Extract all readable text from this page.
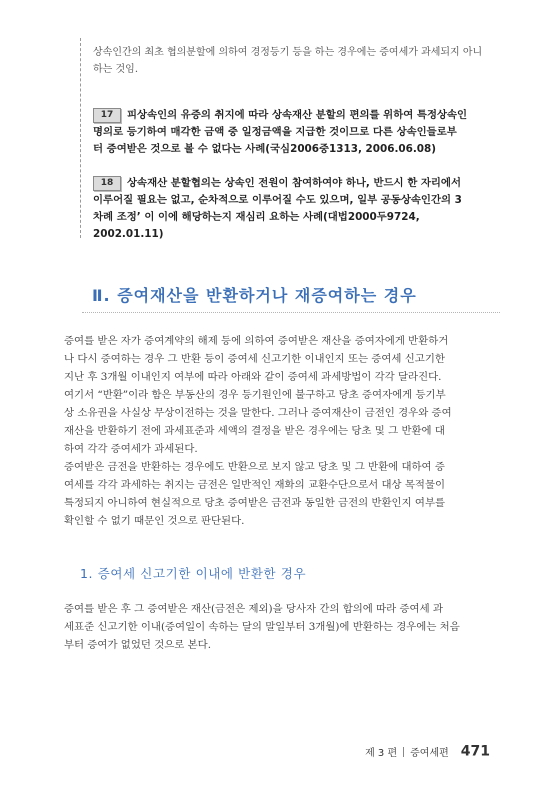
상속인간의 최초 협의분할에 의하여 경정등기 등을 하는 경우에는 증여세가 과세되지 아니
하는 것임.

17 피상속인의 유증의 취지에 따라 상속재산 분할의 편의를 위하여 특정상속인
명의로 등기하여 매각한 금액 중 일정금액을 지급한 것이므로 다른 상속인들로부
터 증여받은 것으로 볼 수 없다는 사례(국심2006중1313, 2006.06.08)

18 상속재산 분할협의는 상속인 전원이 참여하여야 하나, 반드시 한 자리에서
이루어질 필요는 없고, 순차적으로 이루어질 수도 있으며, 일부 공동상속인간의 3
차례 조정’ 이 이에 해당하는지 재심리 요하는 사례(대법2000두9724, 2002.01.11)

Ⅱ. 증여재산을 반환하거나 재증여하는 경우

증여를 받은 자가 증여계약의 해제 등에 의하여 증여받은 재산을 증여자에게 반환하거
나 다시 증여하는 경우 그 반환 등이 증여세 신고기한 이내인지 또는 증여세 신고기한
지난 후 3개월 이내인지 여부에 따라 아래와 같이 증여세 과세방법이 각각 달라진다.
여기서 “반환”이라 함은 부동산의 경우 등기원인에 불구하고 당초 증여자에게 등기부
상 소유권을 사실상 무상이전하는 것을 말한다. 그러나 증여재산이 금전인 경우와 증여
재산을 반환하기 전에 과세표준과 세액의 결정을 받은 경우에는 당초 및 그 반환에 대
하여 각각 증여세가 과세된다.

증여받은 금전을 반환하는 경우에도 반환으로 보지 않고 당초 및 그 반환에 대하여 증
여세를 각각 과세하는 취지는 금전은 일반적인 재화의 교환수단으로서 대상 목적물이
특정되지 아니하여 현실적으로 당초 증여받은 금전과 동일한 금전의 반환인지 여부를
확인할 수 없기 때문인 것으로 판단된다.

1. 증여세 신고기한 이내에 반환한 경우

증여를 받은 후 그 증여받은 재산(금전은 제외)을 당사자 간의 합의에 따라 증여세 과
세표준 신고기한 이내(증여일이 속하는 달의 말일부터 3개월)에 반환하는 경우에는 처음
부터 증여가 없었던 것으로 본다.

제 3 편 증여세편 471
